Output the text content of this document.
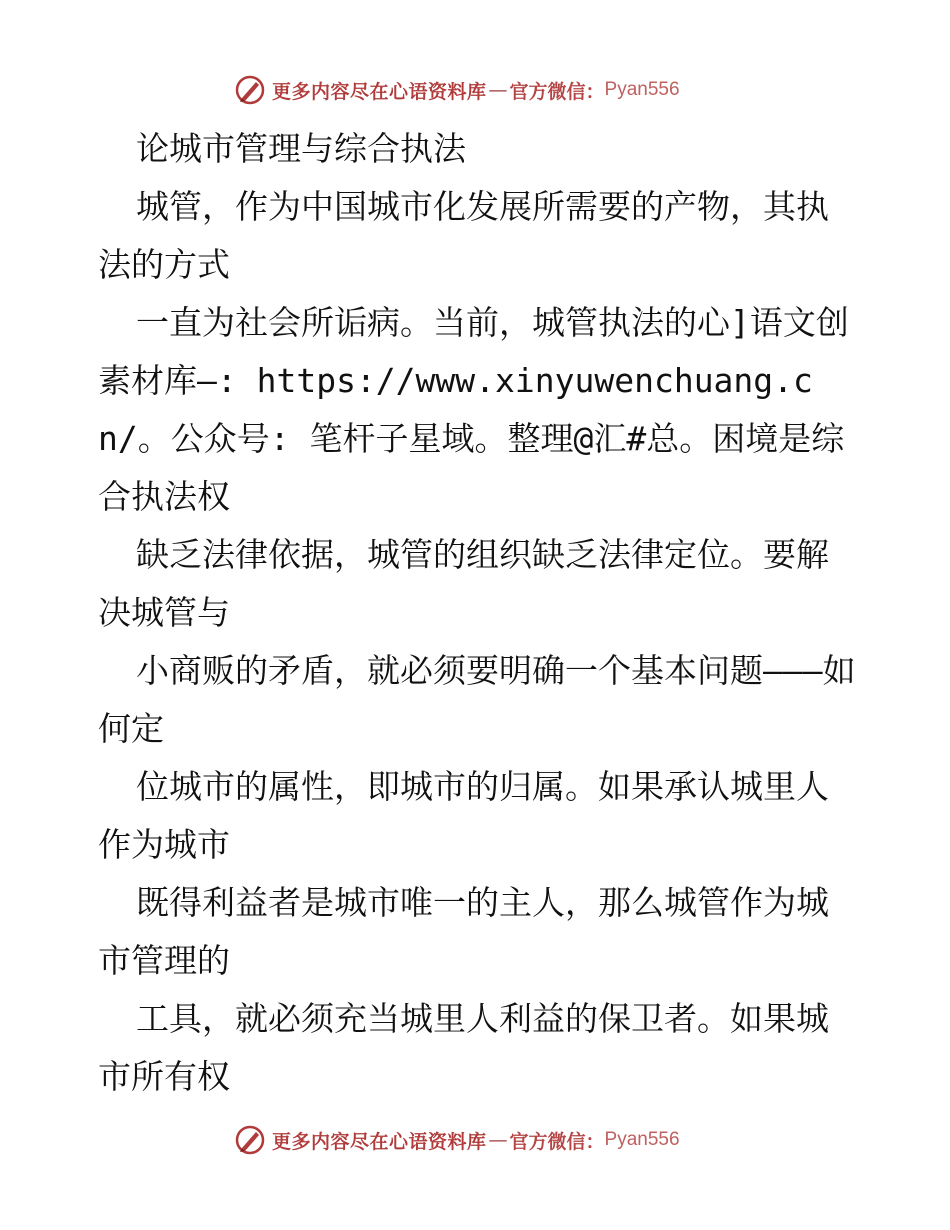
更多内容尽在心语资料库 — 官方微信： Pyan556

论城市管理与综合执法

城管，作为中国城市化发展所需要的产物，其执法的方式

一直为社会所诟病。当前，城管执法的心]语文创素材库—: https://www.xinyuwenchuang.cn/。公众号: 笔杆子星域。整理@汇#总。困境是综合执法权

缺乏法律依据，城管的组织缺乏法律定位。要解决城管与

小商贩的矛盾，就必须要明确一个基本问题———如何定

位城市的属性，即城市的归属。如果承认城里人作为城市

既得利益者是城市唯一的主人，那么城管作为城市管理的

工具，就必须充当城里人利益的保卫者。如果城市所有权

更多内容尽在心语资料库 — 官方微信： Pyan556
